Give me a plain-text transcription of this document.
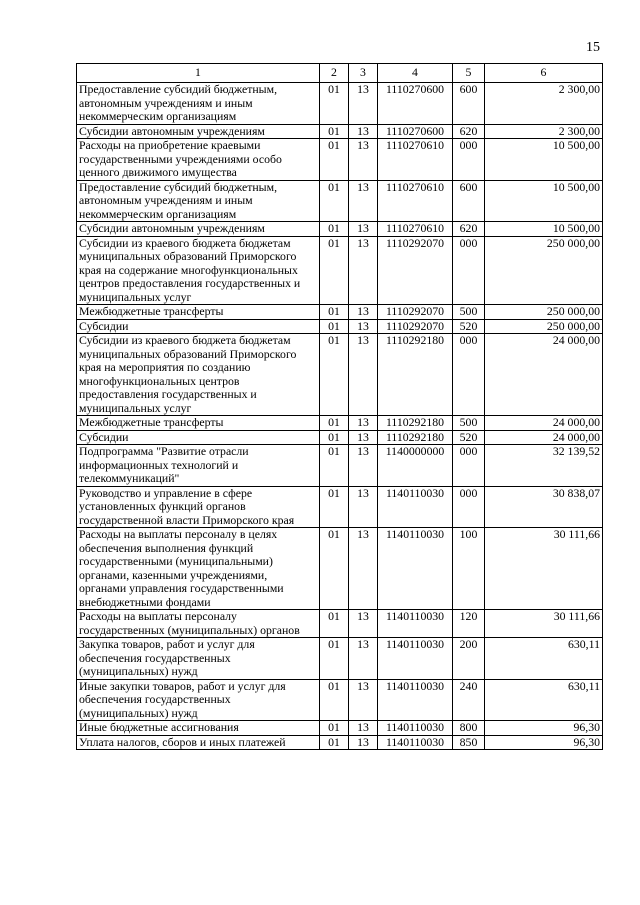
15
1	2	3	4	5	6
Предоставление субсидий бюджетным, автономным учреждениям и иным некоммерческим организациям	01	13	1110270600	600	2 300,00
Субсидии автономным учреждениям	01	13	1110270600	620	2 300,00
Расходы на приобретение краевыми государственными учреждениями особо ценного движимого имущества	01	13	1110270610	000	10 500,00
Предоставление субсидий бюджетным, автономным учреждениям и иным некоммерческим организациям	01	13	1110270610	600	10 500,00
Субсидии автономным учреждениям	01	13	1110270610	620	10 500,00
Субсидии из краевого бюджета бюджетам муниципальных образований Приморского края на содержание многофункциональных центров предоставления государственных и муниципальных услуг	01	13	1110292070	000	250 000,00
Межбюджетные трансферты	01	13	1110292070	500	250 000,00
Субсидии	01	13	1110292070	520	250 000,00
Субсидии из краевого бюджета бюджетам муниципальных образований Приморского края на мероприятия по созданию многофункциональных центров предоставления государственных и муниципальных услуг	01	13	1110292180	000	24 000,00
Межбюджетные трансферты	01	13	1110292180	500	24 000,00
Субсидии	01	13	1110292180	520	24 000,00
Подпрограмма "Развитие отрасли информационных технологий и телекоммуникаций"	01	13	1140000000	000	32 139,52
Руководство и управление в сфере установленных функций органов государственной власти Приморского края	01	13	1140110030	000	30 838,07
Расходы на выплаты персоналу в целях обеспечения выполнения функций государственными (муниципальными) органами, казенными учреждениями, органами управления государственными внебюджетными фондами	01	13	1140110030	100	30 111,66
Расходы на выплаты персоналу государственных (муниципальных) органов	01	13	1140110030	120	30 111,66
Закупка товаров, работ и услуг для обеспечения государственных (муниципальных) нужд	01	13	1140110030	200	630,11
Иные закупки товаров, работ и услуг для обеспечения государственных (муниципальных) нужд	01	13	1140110030	240	630,11
Иные бюджетные ассигнования	01	13	1140110030	800	96,30
Уплата налогов, сборов и иных платежей	01	13	1140110030	850	96,30
